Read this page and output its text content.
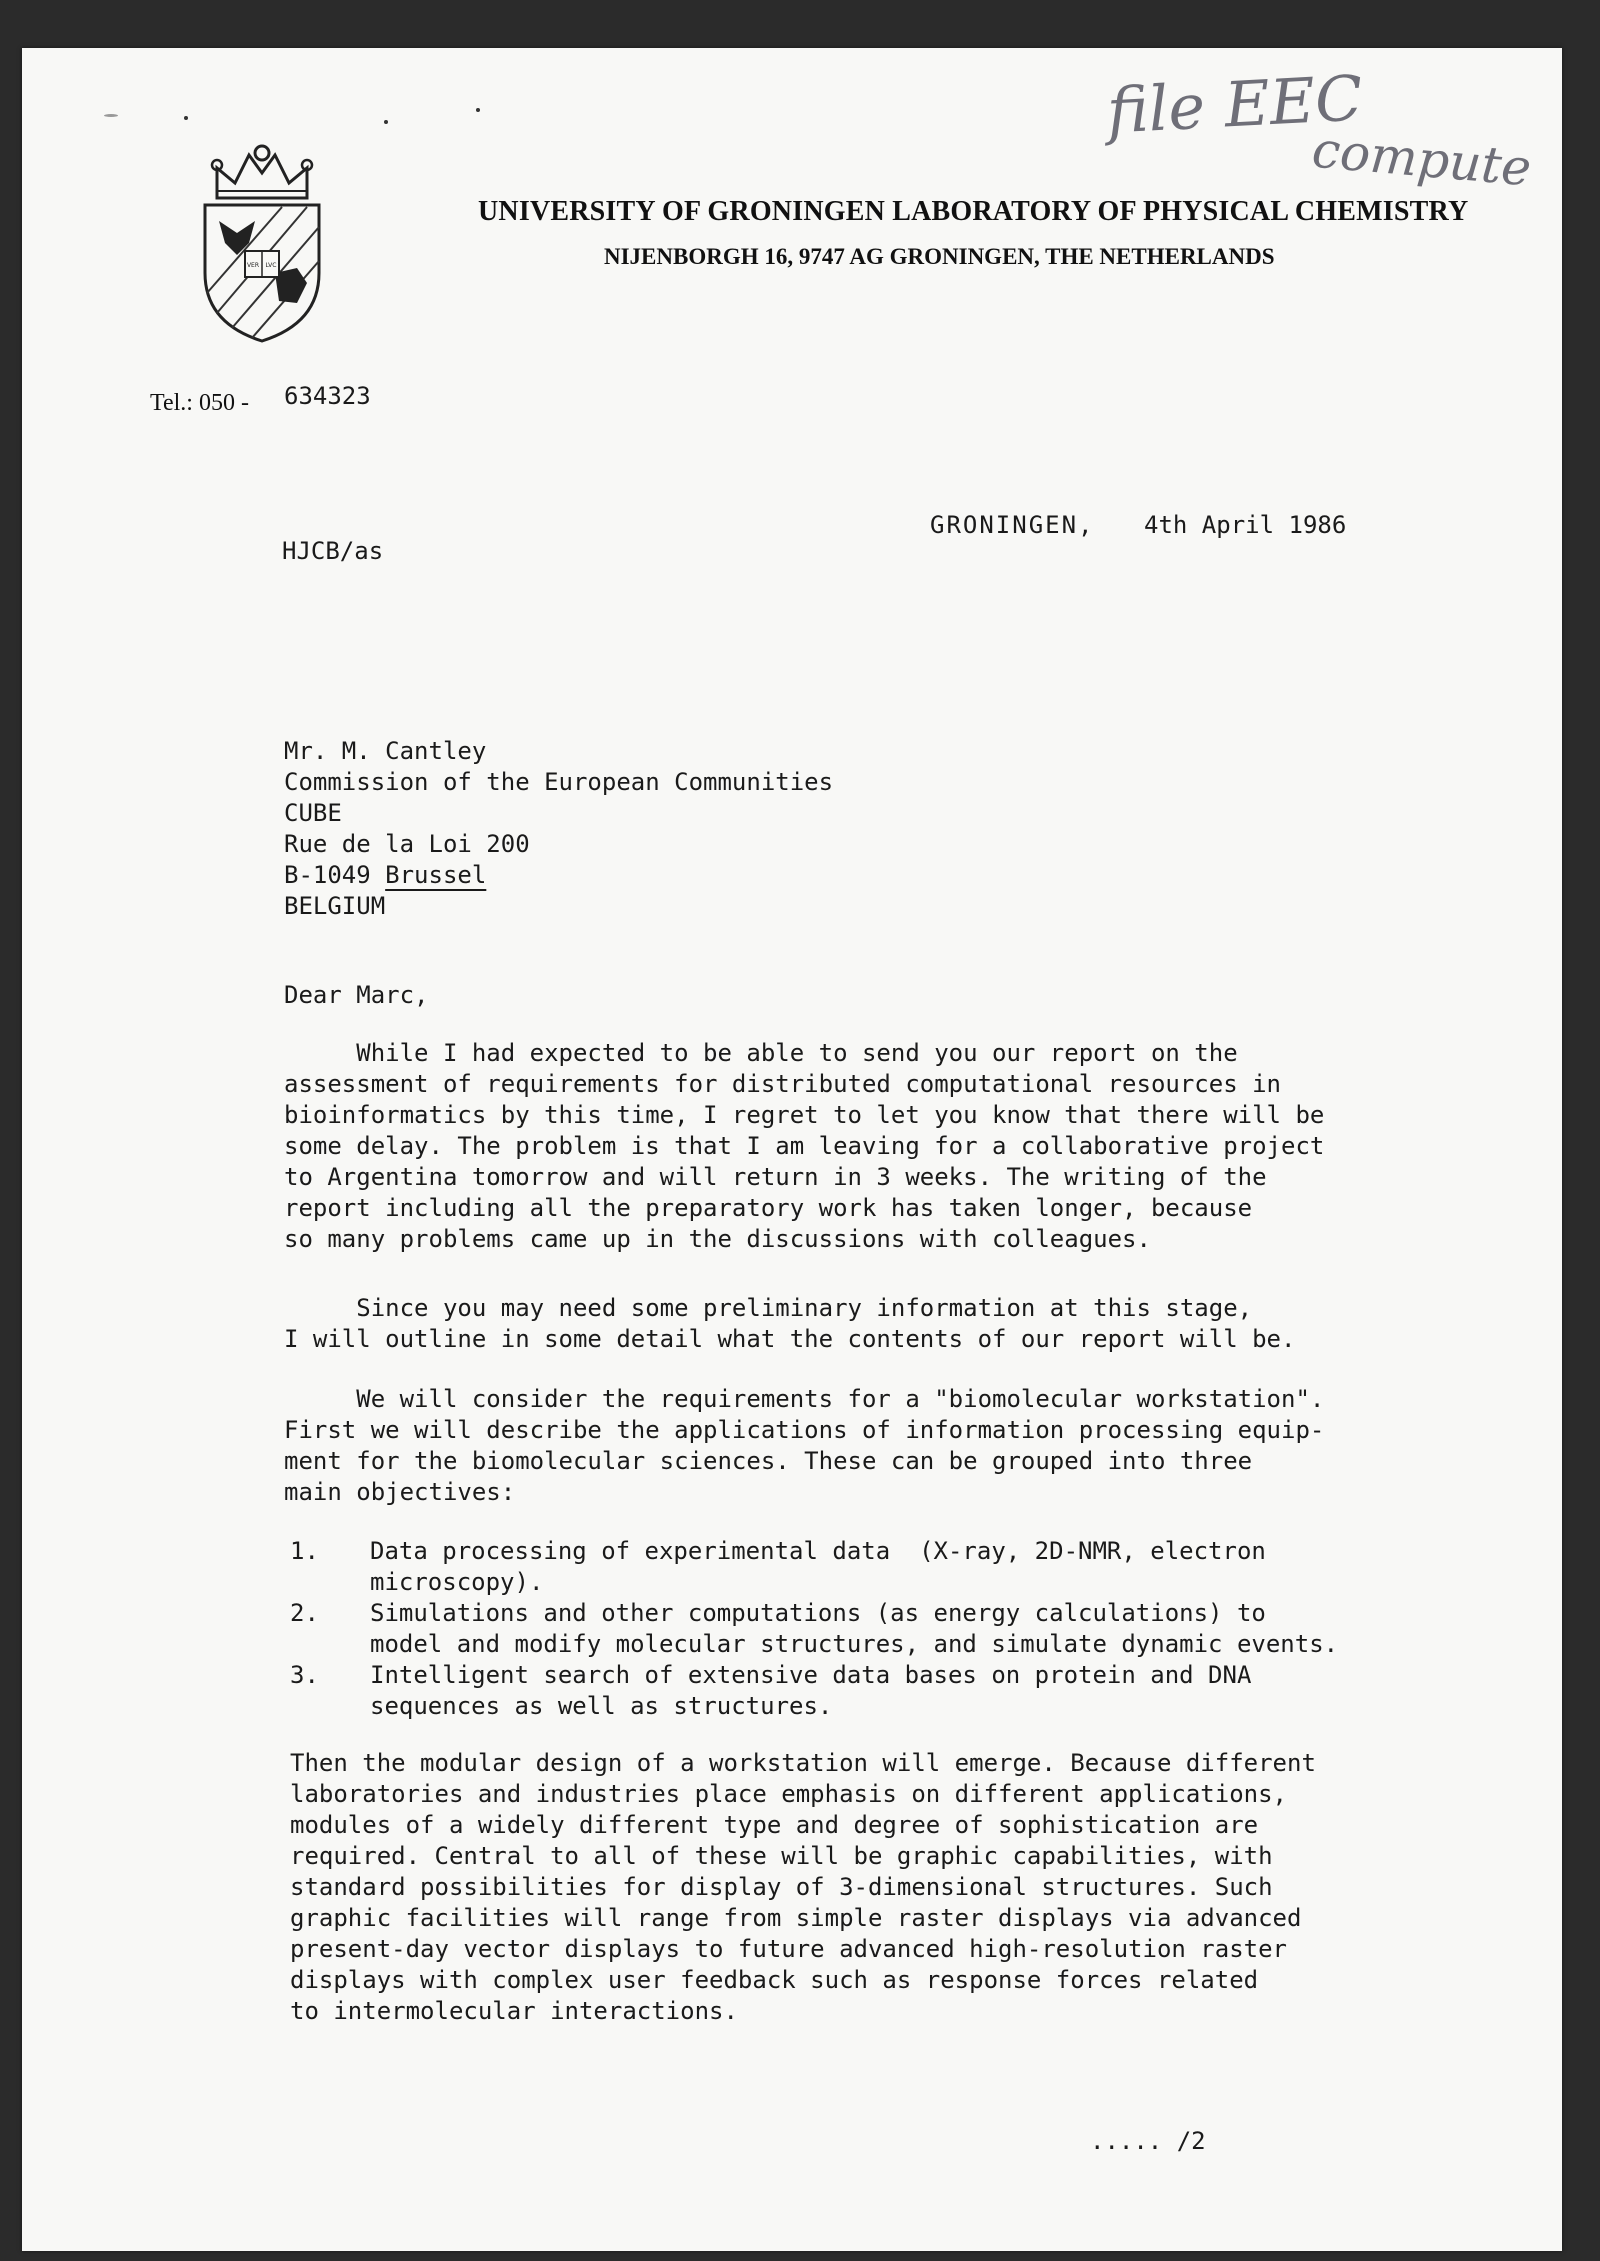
file EEC
compute
VER LVC
UNIVERSITY OF GRONINGEN LABORATORY OF PHYSICAL CHEMISTRY
NIJENBORGH 16, 9747 AG GRONINGEN, THE NETHERLANDS
Tel.: 050 - 634323
GRONINGEN, 4th April 1986
HJCB/as
Mr. M. Cantley
Commission of the European Communities
CUBE
Rue de la Loi 200
B-1049 Brussel
BELGIUM
Dear Marc,
While I had expected to be able to send you our report on the
assessment of requirements for distributed computational resources in
bioinformatics by this time, I regret to let you know that there will be
some delay. The problem is that I am leaving for a collaborative project
to Argentina tomorrow and will return in 3 weeks. The writing of the
report including all the preparatory work has taken longer, because
so many problems came up in the discussions with colleagues.
Since you may need some preliminary information at this stage,
I will outline in some detail what the contents of our report will be.
We will consider the requirements for a "biomolecular workstation".
First we will describe the applications of information processing equip-
ment for the biomolecular sciences. These can be grouped into three
main objectives:
1. Data processing of experimental data  (X-ray, 2D-NMR, electron
microscopy).
2. Simulations and other computations (as energy calculations) to
model and modify molecular structures, and simulate dynamic events.
3. Intelligent search of extensive data bases on protein and DNA
sequences as well as structures.
Then the modular design of a workstation will emerge. Because different
laboratories and industries place emphasis on different applications,
modules of a widely different type and degree of sophistication are
required. Central to all of these will be graphic capabilities, with
standard possibilities for display of 3-dimensional structures. Such
graphic facilities will range from simple raster displays via advanced
present-day vector displays to future advanced high-resolution raster
displays with complex user feedback such as response forces related
to intermolecular interactions.
..... /2
